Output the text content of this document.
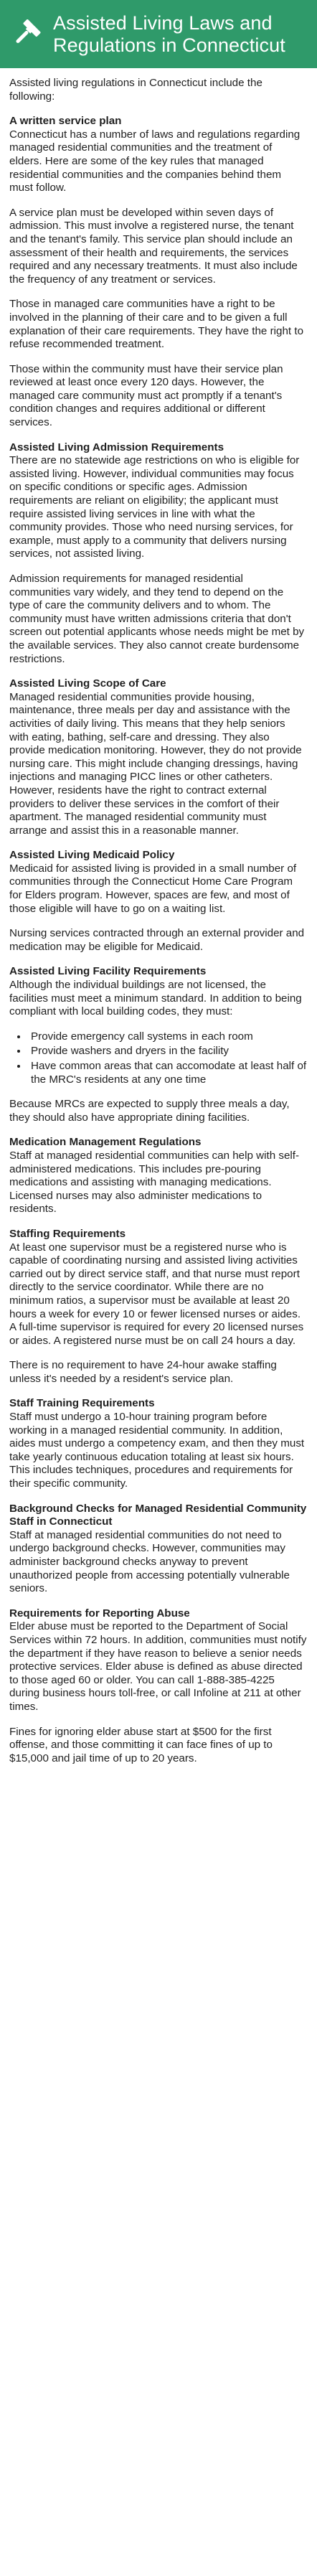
Assisted Living Laws and Regulations in Connecticut

Assisted living regulations in Connecticut include the following:

A written service plan

Connecticut has a number of laws and regulations regarding managed residential communities and the treatment of elders. Here are some of the key rules that managed residential communities and the companies behind them must follow.

A service plan must be developed within seven days of admission. This must involve a registered nurse, the tenant and the tenant's family. This service plan should include an assessment of their health and requirements, the services required and any necessary treatments. It must also include the frequency of any treatment or services.

Those in managed care communities have a right to be involved in the planning of their care and to be given a full explanation of their care requirements. They have the right to refuse recommended treatment.

Those within the community must have their service plan reviewed at least once every 120 days. However, the managed care community must act promptly if a tenant's condition changes and requires additional or different services.

Assisted Living Admission Requirements

There are no statewide age restrictions on who is eligible for assisted living. However, individual communities may focus on specific conditions or specific ages. Admission requirements are reliant on eligibility; the applicant must require assisted living services in line with what the community provides. Those who need nursing services, for example, must apply to a community that delivers nursing services, not assisted living.

Admission requirements for managed residential communities vary widely, and they tend to depend on the type of care the community delivers and to whom. The community must have written admissions criteria that don't screen out potential applicants whose needs might be met by the available services. They also cannot create burdensome restrictions.

Assisted Living Scope of Care

Managed residential communities provide housing, maintenance, three meals per day and assistance with the activities of daily living. This means that they help seniors with eating, bathing, self-care and dressing. They also provide medication monitoring. However, they do not provide nursing care. This might include changing dressings, having injections and managing PICC lines or other catheters. However, residents have the right to contract external providers to deliver these services in the comfort of their apartment. The managed residential community must arrange and assist this in a reasonable manner.

Assisted Living Medicaid Policy

Medicaid for assisted living is provided in a small number of communities through the Connecticut Home Care Program for Elders program. However, spaces are few, and most of those eligible will have to go on a waiting list.

Nursing services contracted through an external provider and medication may be eligible for Medicaid.

Assisted Living Facility Requirements

Although the individual buildings are not licensed, the facilities must meet a minimum standard. In addition to being compliant with local building codes, they must:

• Provide emergency call systems in each room
• Provide washers and dryers in the facility
• Have common areas that can accomodate at least half of the MRC's residents at any one time

Because MRCs are expected to supply three meals a day, they should also have appropriate dining facilities.

Medication Management Regulations

Staff at managed residential communities can help with self-administered medications. This includes pre-pouring medications and assisting with managing medications. Licensed nurses may also administer medications to residents.

Staffing Requirements

At least one supervisor must be a registered nurse who is capable of coordinating nursing and assisted living activities carried out by direct service staff, and that nurse must report directly to the service coordinator. While there are no minimum ratios, a supervisor must be available at least 20 hours a week for every 10 or fewer licensed nurses or aides. A full-time supervisor is required for every 20 licensed nurses or aides. A registered nurse must be on call 24 hours a day.

There is no requirement to have 24-hour awake staffing unless it's needed by a resident's service plan.

Staff Training Requirements

Staff must undergo a 10-hour training program before working in a managed residential community. In addition, aides must undergo a competency exam, and then they must take yearly continuous education totaling at least six hours. This includes techniques, procedures and requirements for their specific community.

Background Checks for Managed Residential Community Staff in Connecticut

Staff at managed residential communities do not need to undergo background checks. However, communities may administer background checks anyway to prevent unauthorized people from accessing potentially vulnerable seniors.

Requirements for Reporting Abuse

Elder abuse must be reported to the Department of Social Services within 72 hours. In addition, communities must notify the department if they have reason to believe a senior needs protective services. Elder abuse is defined as abuse directed to those aged 60 or older. You can call 1-888-385-4225 during business hours toll-free, or call Infoline at 211 at other times.

Fines for ignoring elder abuse start at $500 for the first offense, and those committing it can face fines of up to $15,000 and jail time of up to 20 years.
